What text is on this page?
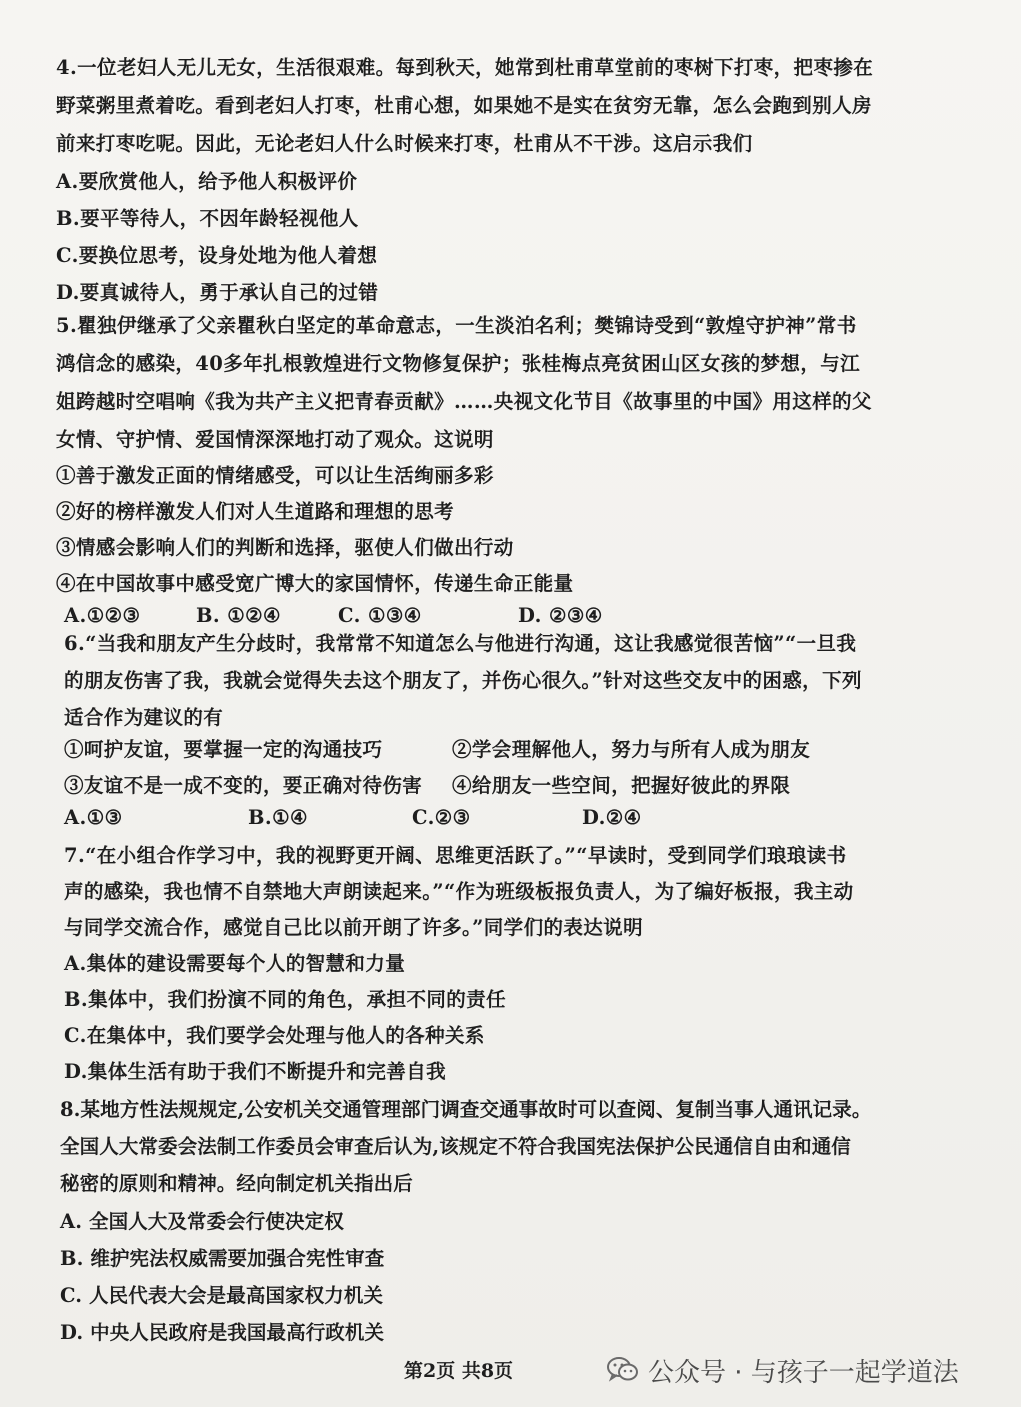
4.一位老妇人无儿无女，生活很艰难。每到秋天，她常到杜甫草堂前的枣树下打枣，把枣掺在
野菜粥里煮着吃。看到老妇人打枣，杜甫心想，如果她不是实在贫穷无靠，怎么会跑到别人房
前来打枣吃呢。因此，无论老妇人什么时候来打枣，杜甫从不干涉。这启示我们
A.要欣赏他人，给予他人积极评价
B.要平等待人，不因年龄轻视他人
C.要换位思考，设身处地为他人着想
D.要真诚待人，勇于承认自己的过错
5.瞿独伊继承了父亲瞿秋白坚定的革命意志，一生淡泊名利；樊锦诗受到“敦煌守护神”常书
鸿信念的感染，40多年扎根敦煌进行文物修复保护；张桂梅点亮贫困山区女孩的梦想，与江
姐跨越时空唱响《我为共产主义把青春贡献》……央视文化节目《故事里的中国》用这样的父
女情、守护情、爱国情深深地打动了观众。这说明
①善于激发正面的情绪感受，可以让生活绚丽多彩
②好的榜样激发人们对人生道路和理想的思考
③情感会影响人们的判断和选择，驱使人们做出行动
④在中国故事中感受宽广博大的家国情怀，传递生命正能量
A.①②③	B. ①②④	C. ①③④	D. ②③④
6.“当我和朋友产生分歧时，我常常不知道怎么与他进行沟通，这让我感觉很苦恼”“一旦我
的朋友伤害了我，我就会觉得失去这个朋友了，并伤心很久。”针对这些交友中的困惑，下列
适合作为建议的有
①呵护友谊，要掌握一定的沟通技巧	②学会理解他人，努力与所有人成为朋友
③友谊不是一成不变的，要正确对待伤害 ④给朋友一些空间，把握好彼此的界限
A.①③	B.①④	C.②③	D.②④
7.“在小组合作学习中，我的视野更开阔、思维更活跃了。”“早读时，受到同学们琅琅读书
声的感染，我也情不自禁地大声朗读起来。”“作为班级板报负责人，为了编好板报，我主动
与同学交流合作，感觉自己比以前开朗了许多。”同学们的表达说明
A.集体的建设需要每个人的智慧和力量
B.集体中，我们扮演不同的角色，承担不同的责任
C.在集体中，我们要学会处理与他人的各种关系
D.集体生活有助于我们不断提升和完善自我
8.某地方性法规规定,公安机关交通管理部门调查交通事故时可以查阅、复制当事人通讯记录。
全国人大常委会法制工作委员会审查后认为,该规定不符合我国宪法保护公民通信自由和通信
秘密的原则和精神。经向制定机关指出后
A. 全国人大及常委会行使决定权
B. 维护宪法权威需要加强合宪性审查
C. 人民代表大会是最高国家权力机关
D. 中央人民政府是我国最高行政机关
第2页 共8页	公众号 · 与孩子一起学道法
